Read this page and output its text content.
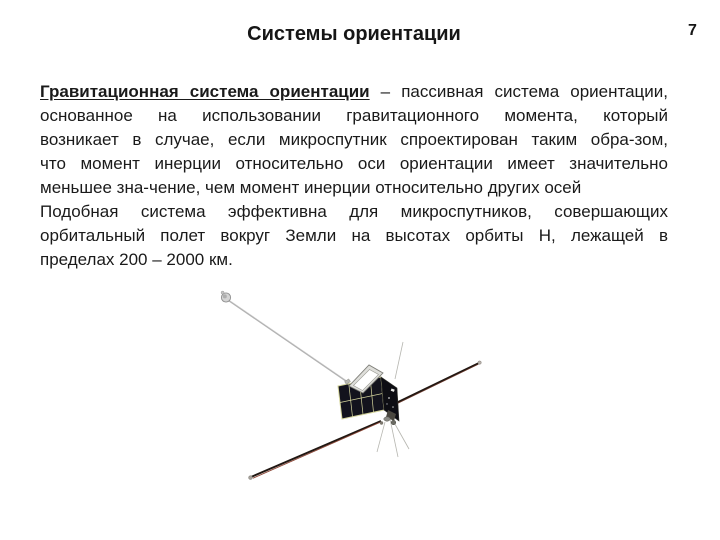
Системы ориентации	7
Гравитационная система ориентации – пассивная система ориентации,
основанное на использовании гравитационного момента, который
возникает в случае, если микроспутник спроектирован таким обра-зом,
что момент инерции относительно оси ориентации имеет значительно
меньшее зна-чение, чем момент инерции относительно других осей
Подобная система эффективна для микроспутников, совершающих
орбитальный полет вокруг Земли на высотах орбиты Н, лежащей в
пределах 200 – 2000 км.
